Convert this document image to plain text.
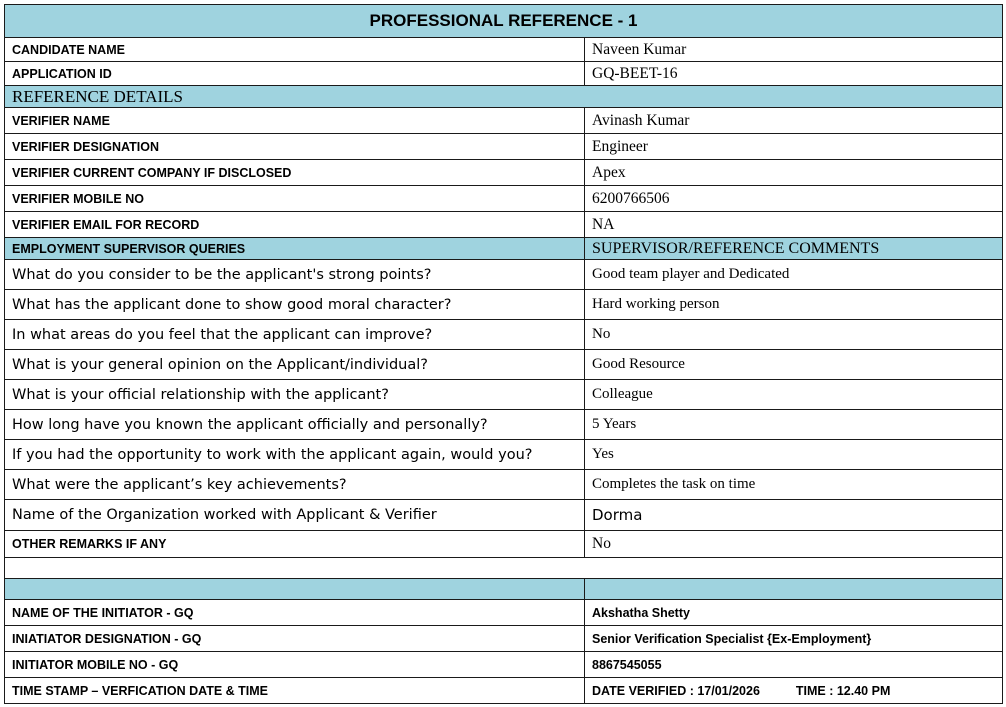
PROFESSIONAL REFERENCE - 1	
CANDIDATE NAME	Naveen Kumar
APPLICATION ID	GQ-BEET-16
REFERENCE DETAILS	
VERIFIER NAME	Avinash Kumar
VERIFIER DESIGNATION	Engineer
VERIFIER CURRENT COMPANY IF DISCLOSED	Apex
VERIFIER MOBILE NO	6200766506
VERIFIER EMAIL FOR RECORD	NA
EMPLOYMENT SUPERVISOR QUERIES	SUPERVISOR/REFERENCE COMMENTS
What do you consider to be the applicant's strong points?	Good team player and Dedicated
What has the applicant done to show good moral character?	Hard working person
In what areas do you feel that the applicant can improve?	No
What is your general opinion on the Applicant/individual?	Good Resource
What is your official relationship with the applicant?	Colleague
How long have you known the applicant officially and personally?	5 Years
If you had the opportunity to work with the applicant again, would you?	Yes
What were the applicant’s key achievements?	Completes the task on time
Name of the Organization worked with Applicant & Verifier	Dorma
OTHER REMARKS IF ANY	No

NAME OF THE INITIATOR - GQ	Akshatha Shetty
INIATIATOR DESIGNATION - GQ	Senior Verification Specialist {Ex-Employment}
INITIATOR MOBILE NO - GQ	8867545055
TIME STAMP – VERFICATION DATE & TIME	DATE VERIFIED : 17/01/2026 TIME : 12.40 PM
